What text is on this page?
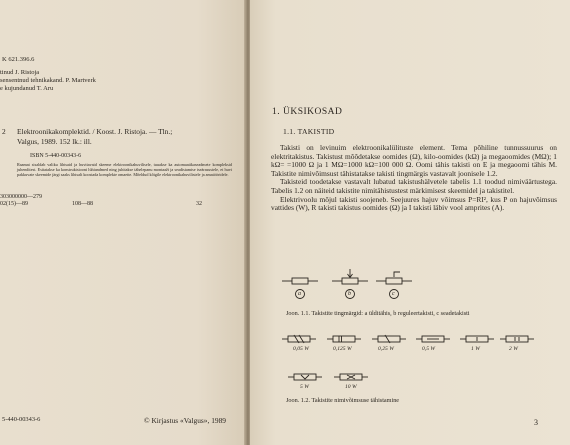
K 621.396.6
tinud J. Ristoja
sensentnud tehnikakand. P. Martverk
e kujundanud T. Aru
2 Elektroonikakomplektid. / Koost. J. Ristoja. — Tln.;
Valgus, 1989. 152 lk.: ill.
ISBN 5-440-00343-6
Raamat sisaldab valiku lihtsaid ja huvitavaid skeeme elektroonikahuvilisele, tuuakse ka automaatikaseadmete kompleksid juhenditest. Esitatakse ka konstruktsiooni lühiandmed ning juhitakse tähelepanu montaaži ja seadistamise iseärasustele, et huvi pakkuvate skeemide järgi saaks lihtsalt koostada komplekte omaette. Mõeldud kõigile elektroonikahuvilistele ja amatööridele.
303000000—279
02(15)—89	108—88	32
5-440-00343-6	© Kirjastus «Valgus», 1989
1. ÜKSIKOSAD
1.1. TAKISTID

Takisti on levinuim elektroonikalülituste element. Tema põhiline tunnussuurus on elektritakistus. Takistust mõõdetakse oomides (Ω), kilo-oomides (kΩ) ja megaoomides (MΩ); 1 kΩ= =1000 Ω ja 1 MΩ=1000 kΩ=100 000 Ω. Oomi tähis takisti on E ja megaoomi tähis M. Takistite nimivõimsust tähistatakse takisti tingmärgis vastavalt joonisele 1.2.

Takisteid toodetakse vastavalt lubatud takistushälvetele tabelis 1.1 toodud nimiväärtustega. Tabelis 1.2 on näiteid takistite nimitähistustest märkimisest skeemidel ja takistitel.

Elektrivoolu mõjul takisti soojeneb. Seejuures hajuv võimsus P=RI², kus P on hajuvõimsus vattides (W), R takisti takistus oomides (Ω) ja I takisti läbiv vool amprites (A).

a	b	c
Joon. 1.1. Takistite tingmärgid: a ülditähis, b reguleertakisti, c seadetakisti
0,05 W	0,125 W	0,25 W	0,5 W	1 W	2 W
5 W	10 W
Joon. 1.2. Takistite nimivõimsuse tähistamine
3
